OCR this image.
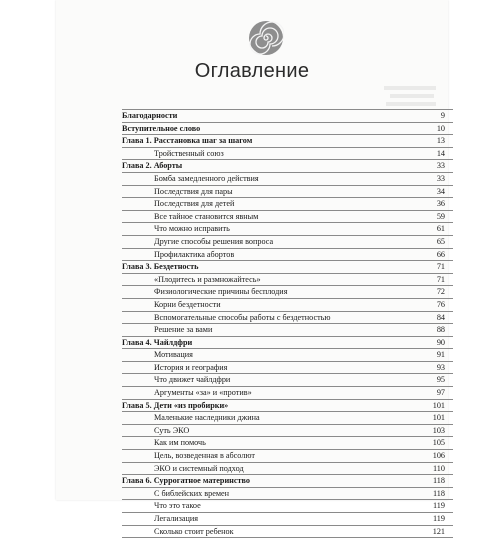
Оглавление
Благодарности	9
Вступительное слово	10
Глава 1. Расстановка шаг за шагом	13
Тройственный союз	14
Глава 2. Аборты	33
Бомба замедленного действия	33
Последствия для пары	34
Последствия для детей	36
Все тайное становится явным	59
Что можно исправить	61
Другие способы решения вопроса	65
Профилактика абортов	66
Глава 3. Бездетность	71
«Плодитесь и размножайтесь»	71
Физиологические причины бесплодия	72
Корни бездетности	76
Вспомогательные способы работы с бездетностью	84
Решение за вами	88
Глава 4. Чайлдфри	90
Мотивация	91
История и география	93
Что движет чайлдфри	95
Аргументы «за» и «против»	97
Глава 5. Дети «из пробирки»	101
Маленькие наследники джина	101
Суть ЭКО	103
Как им помочь	105
Цель, возведенная в абсолют	106
ЭКО и системный подход	110
Глава 6. Суррогатное материнство	118
С библейских времен	118
Что это такое	119
Легализация	119
Сколько стоит ребенок	121
